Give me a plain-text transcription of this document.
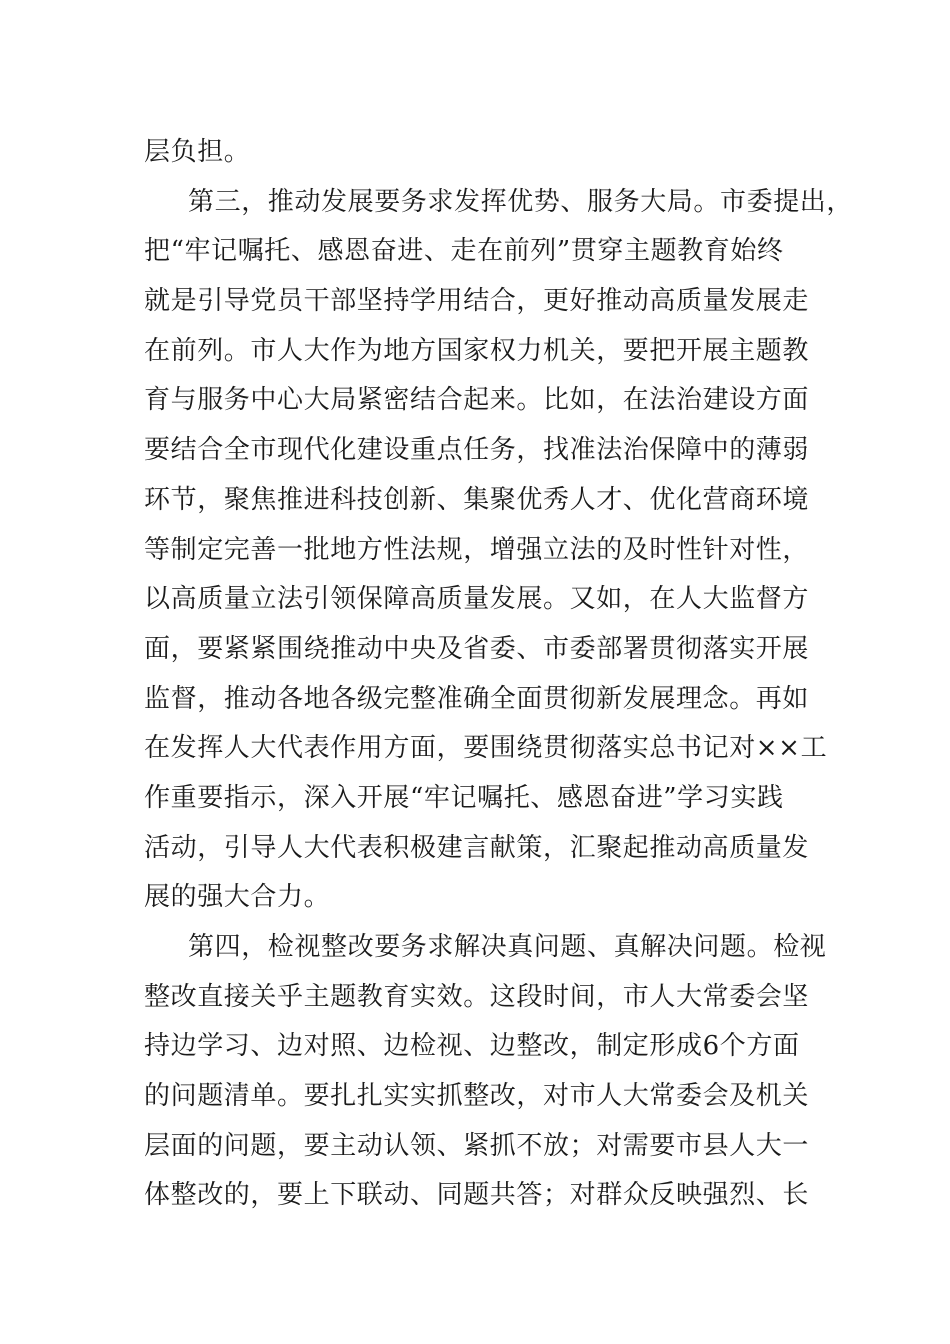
层负担。
第三，推动发展要务求发挥优势、服务大局。市委提出，
把“牢记嘱托、感恩奋进、走在前列”贯穿主题教育始终
就是引导党员干部坚持学用结合，更好推动高质量发展走
在前列。市人大作为地方国家权力机关，要把开展主题教
育与服务中心大局紧密结合起来。比如，在法治建设方面
要结合全市现代化建设重点任务，找准法治保障中的薄弱
环节，聚焦推进科技创新、集聚优秀人才、优化营商环境
等制定完善一批地方性法规，增强立法的及时性针对性，
以高质量立法引领保障高质量发展。又如，在人大监督方
面，要紧紧围绕推动中央及省委、市委部署贯彻落实开展
监督，推动各地各级完整准确全面贯彻新发展理念。再如
在发挥人大代表作用方面，要围绕贯彻落实总书记对××工
作重要指示，深入开展“牢记嘱托、感恩奋进”学习实践
活动，引导人大代表积极建言献策，汇聚起推动高质量发
展的强大合力。
第四，检视整改要务求解决真问题、真解决问题。检视
整改直接关乎主题教育实效。这段时间，市人大常委会坚
持边学习、边对照、边检视、边整改，制定形成6个方面
的问题清单。要扎扎实实抓整改，对市人大常委会及机关
层面的问题，要主动认领、紧抓不放；对需要市县人大一
体整改的，要上下联动、同题共答；对群众反映强烈、长
